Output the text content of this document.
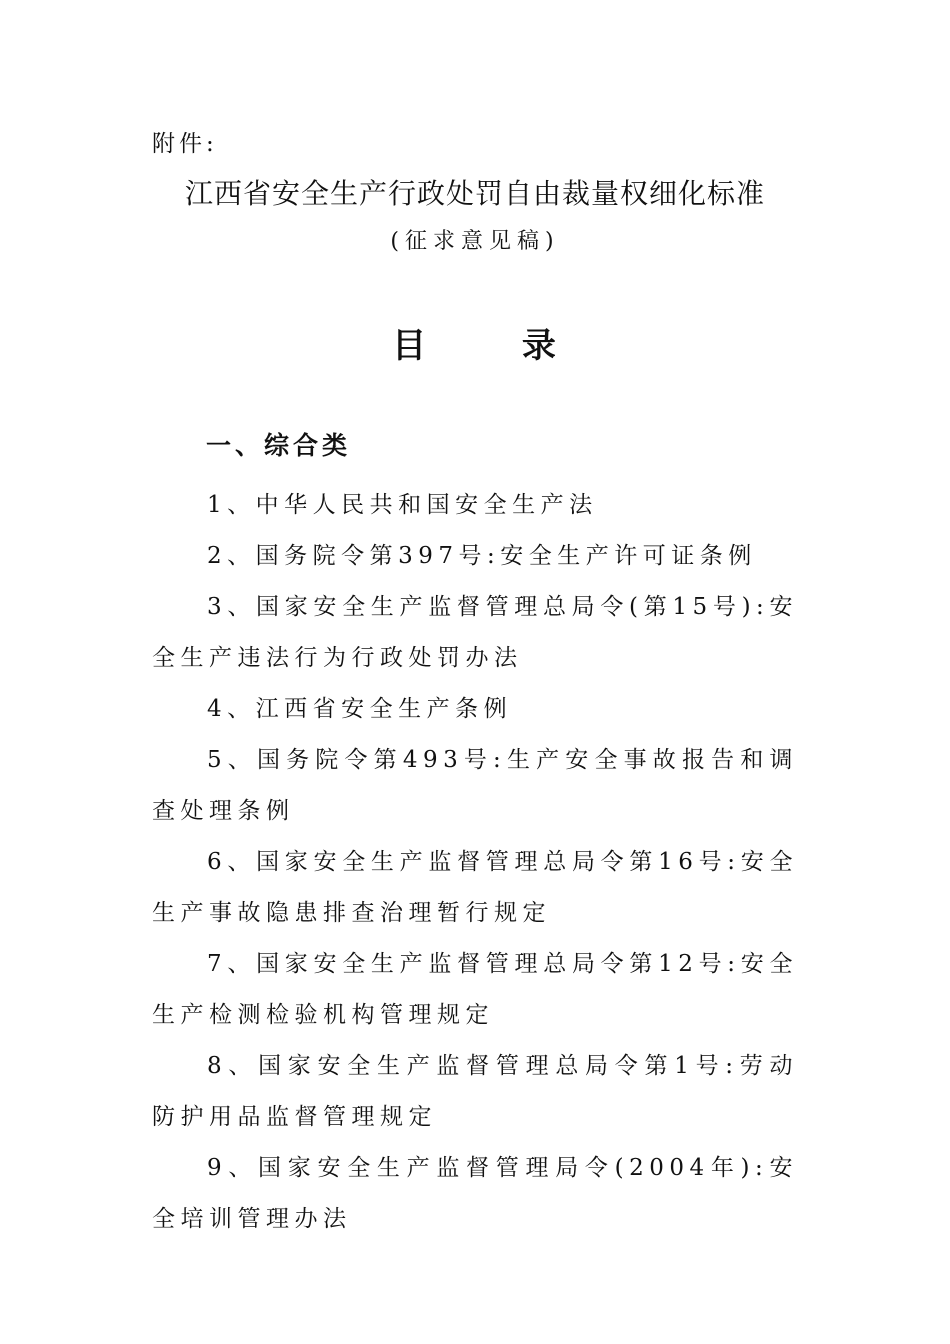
附件:
江西省安全生产行政处罚自由裁量权细化标准
(征求意见稿)
目 录
一、综合类
1、中华人民共和国安全生产法
2、国务院令第397号:安全生产许可证条例
3、国家安全生产监督管理总局令(第15号):安全生产违法行为行政处罚办法
4、江西省安全生产条例
5、国务院令第493号:生产安全事故报告和调查处理条例
6、国家安全生产监督管理总局令第16号:安全生产事故隐患排查治理暂行规定
7、国家安全生产监督管理总局令第12号:安全生产检测检验机构管理规定
8、国家安全生产监督管理总局令第1号:劳动防护用品监督管理规定
9、国家安全生产监督管理局令(2004年):安全培训管理办法
